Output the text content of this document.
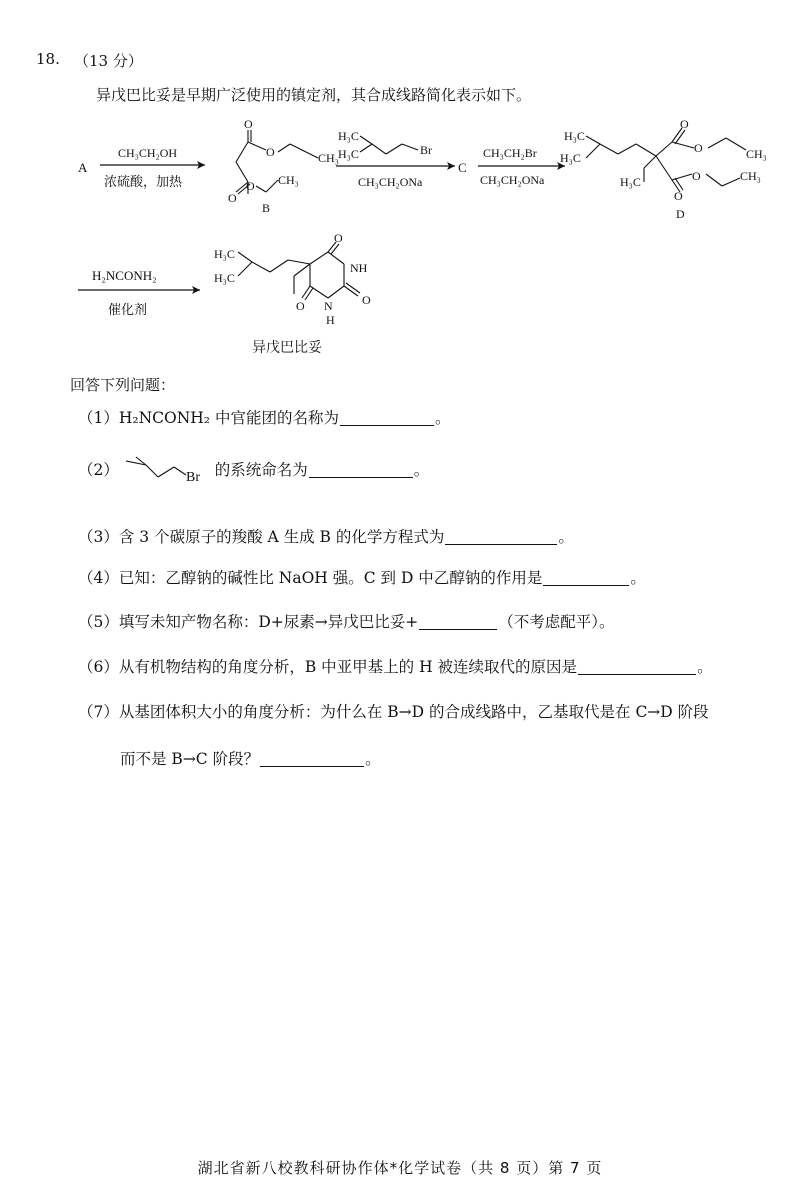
18. （13 分）
异戊巴比妥是早期广泛使用的镇定剂，其合成线路简化表示如下。
A
CH₃CH₂OH
浓硫酸，加热
O
O	CH₃
O
O CH₃
B
H₃C
H₃C	Br
CH₃CH₂ONa
C
CH₃CH₂Br
CH₃CH₂ONa
H₃C
H₃C
H₃C
O
O	CH₃
O
O	CH₃
D
H₂NCONH₂
催化剂
H₃C
H₃C
O
NH
O
N
H
O
异戊巴比妥
回答下列问题：
（1）H₂NCONH₂ 中官能团的名称为	。
（2）	Br 的系统命名为	。
（3）含 3 个碳原子的羧酸 A 生成 B 的化学方程式为	。
（4）已知：乙醇钠的碱性比 NaOH 强。C 到 D 中乙醇钠的作用是	。
（5）填写未知产物名称：D+尿素→异戊巴比妥+	（不考虑配平）。
（6）从有机物结构的角度分析，B 中亚甲基上的 H 被连续取代的原因是	。
（7）从基团体积大小的角度分析：为什么在 B→D 的合成线路中，乙基取代是在 C→D 阶段
而不是 B→C 阶段？	。
湖北省新八校教科研协作体*化学试卷（共 8 页）第 7 页
